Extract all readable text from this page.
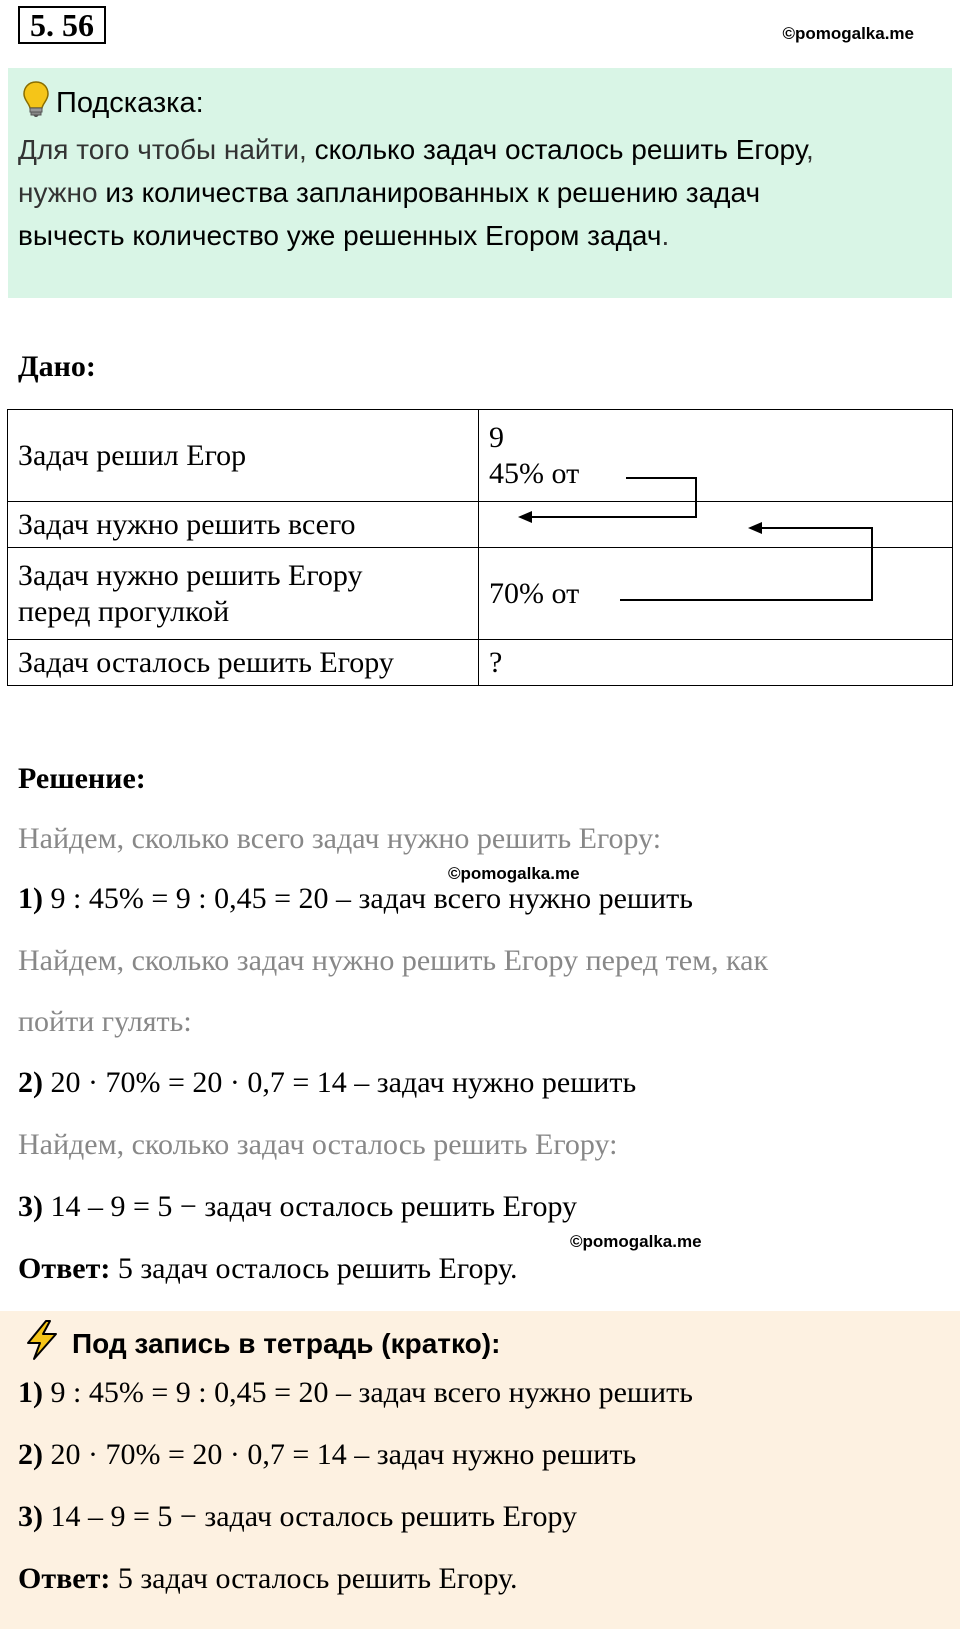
5. 56	©pomogalka.me
Подсказка:
Для того чтобы найти, сколько задач осталось решить Егору,
нужно из количества запланированных к решению задач
вычесть количество уже решенных Егором задач.
Дано:
Задач решил Егор	9
45% от

Задач нужно решить всего	

Задач нужно решить Егору
перед прогулкой	70% от
Задач осталось решить Егору	?
Решение:
Найдем, сколько всего задач нужно решить Егору:
©pomogalka.me
1) 9 : 45% = 9 : 0,45 = 20 – задач всего нужно решить
Найдем, сколько задач нужно решить Егору перед тем, как
пойти гулять:
2) 20 · 70% = 20 · 0,7 = 14 – задач нужно решить
Найдем, сколько задач осталось решить Егору:
3) 14 – 9 = 5 − задач осталось решить Егору
©pomogalka.me
Ответ: 5 задач осталось решить Егору.
Под запись в тетрадь (кратко):
1) 9 : 45% = 9 : 0,45 = 20 – задач всего нужно решить
2) 20 · 70% = 20 · 0,7 = 14 – задач нужно решить
3) 14 – 9 = 5 − задач осталось решить Егору
Ответ: 5 задач осталось решить Егору.
